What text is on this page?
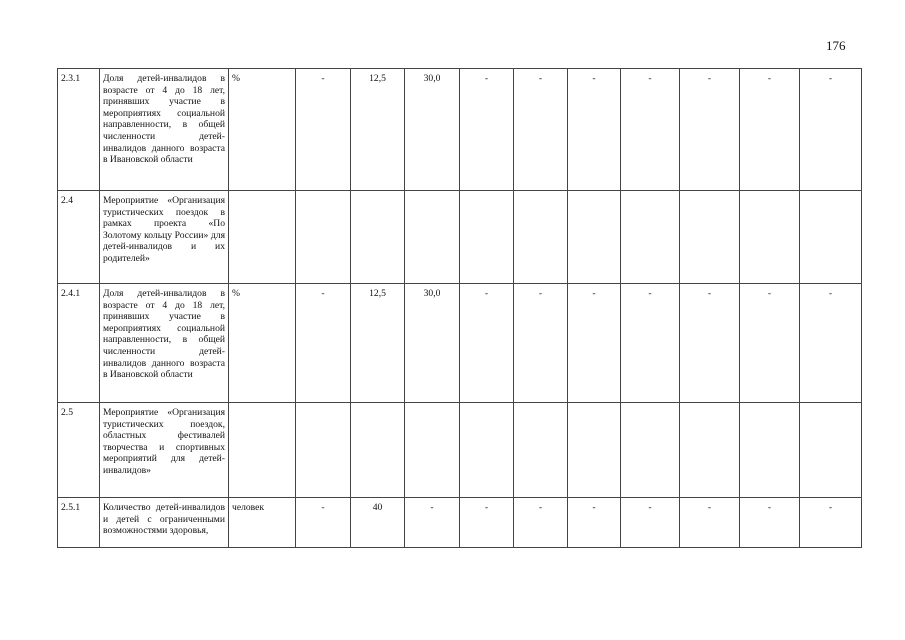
176
2.3.1	Доля детей-инвалидов в возрасте от 4 до 18 лет, принявших участие в мероприятиях социальной направленности, в общей численности детей-инвалидов данного возраста в Ивановской области	%	-	12,5	30,0	-	-	-	-	-	-	-
2.4	Мероприятие «Организация туристических поездок в рамках проекта «По Золотому кольцу России» для детей-инвалидов и их родителей»											
2.4.1	Доля детей-инвалидов в возрасте от 4 до 18 лет, принявших участие в мероприятиях социальной направленности, в общей численности детей-инвалидов данного возраста в Ивановской области	%	-	12,5	30,0	-	-	-	-	-	-	-
2.5	Мероприятие «Организация туристических поездок, областных фестивалей творчества и спортивных мероприятий для детей-инвалидов»											
2.5.1	Количество детей-инвалидов и детей с ограниченными возможностями здоровья,	человек	-	40	-	-	-	-	-	-	-	-
